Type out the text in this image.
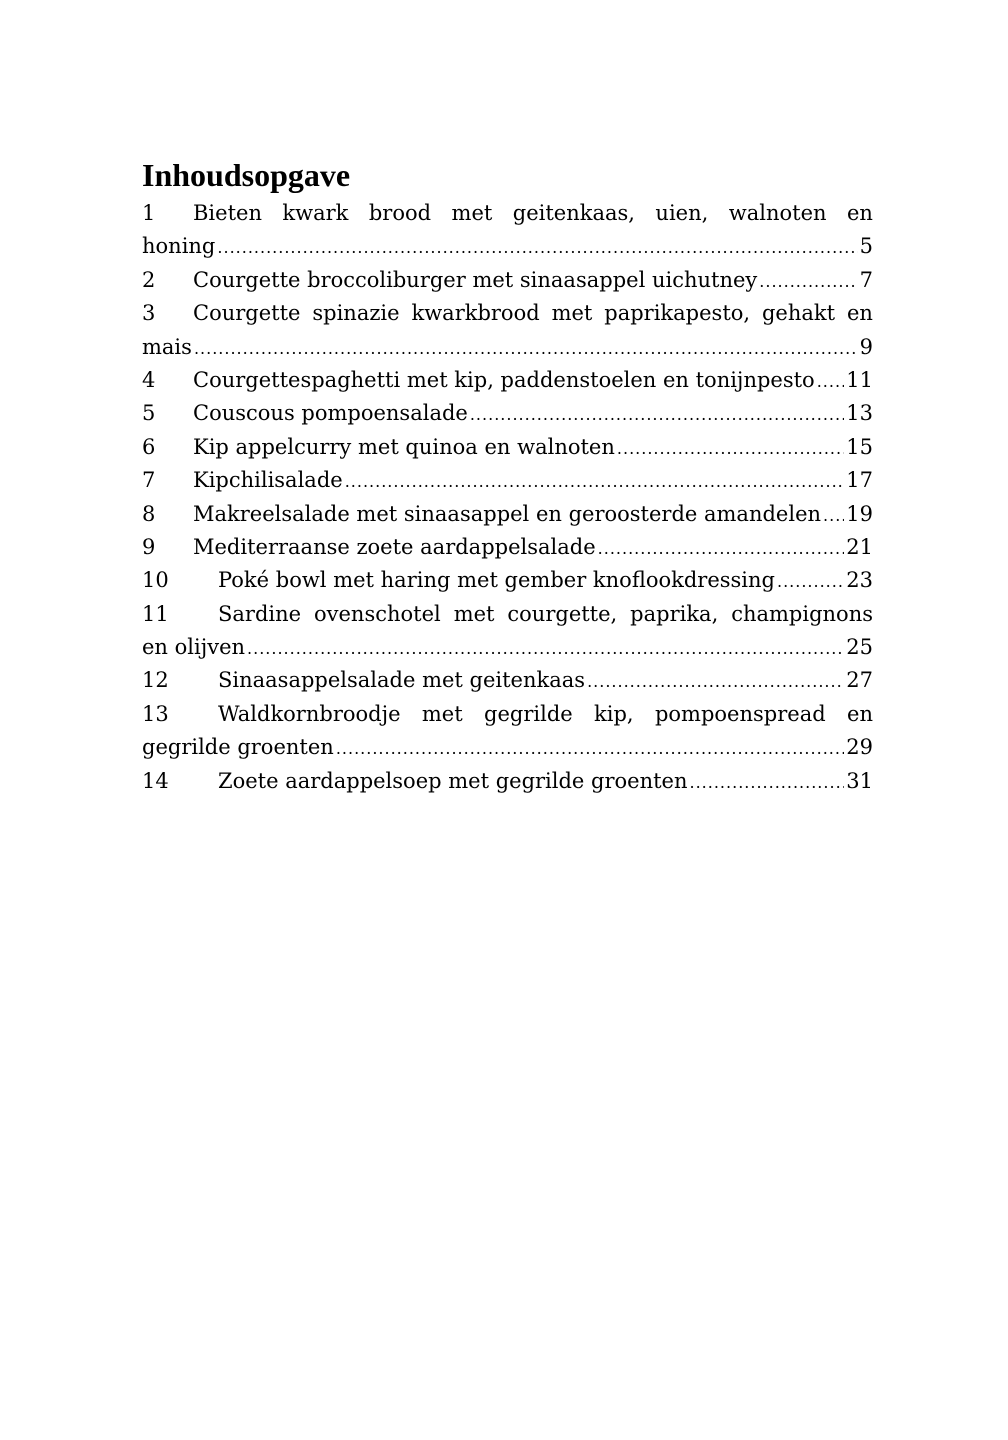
Inhoudsopgave
1	Bieten kwark brood met geitenkaas, uien, walnoten en
honing .....	5
2	Courgette broccoliburger met sinaasappel uichutney .....	7
3	Courgette spinazie kwarkbrood met paprikapesto, gehakt en
mais .....	9
4	Courgettespaghetti met kip, paddenstoelen en tonijnpesto ..... 11
5	Couscous pompoensalade .....	13
6	Kip appelcurry met quinoa en walnoten .....	15
7	Kipchilisalade .....	17
8	Makreelsalade met sinaasappel en geroosterde amandelen ..... 19
9	Mediterraanse zoete aardappelsalade .....	21
10	Poké bowl met haring met gember knoflookdressing .....	23
11	Sardine ovenschotel met courgette, paprika, champignons
en olijven .....	25
12	Sinaasappelsalade met geitenkaas .....	27
13	Waldkornbroodje met gegrilde kip, pompoenspread en
gegrilde groenten .....	29
14	Zoete aardappelsoep met gegrilde groenten .....	31
